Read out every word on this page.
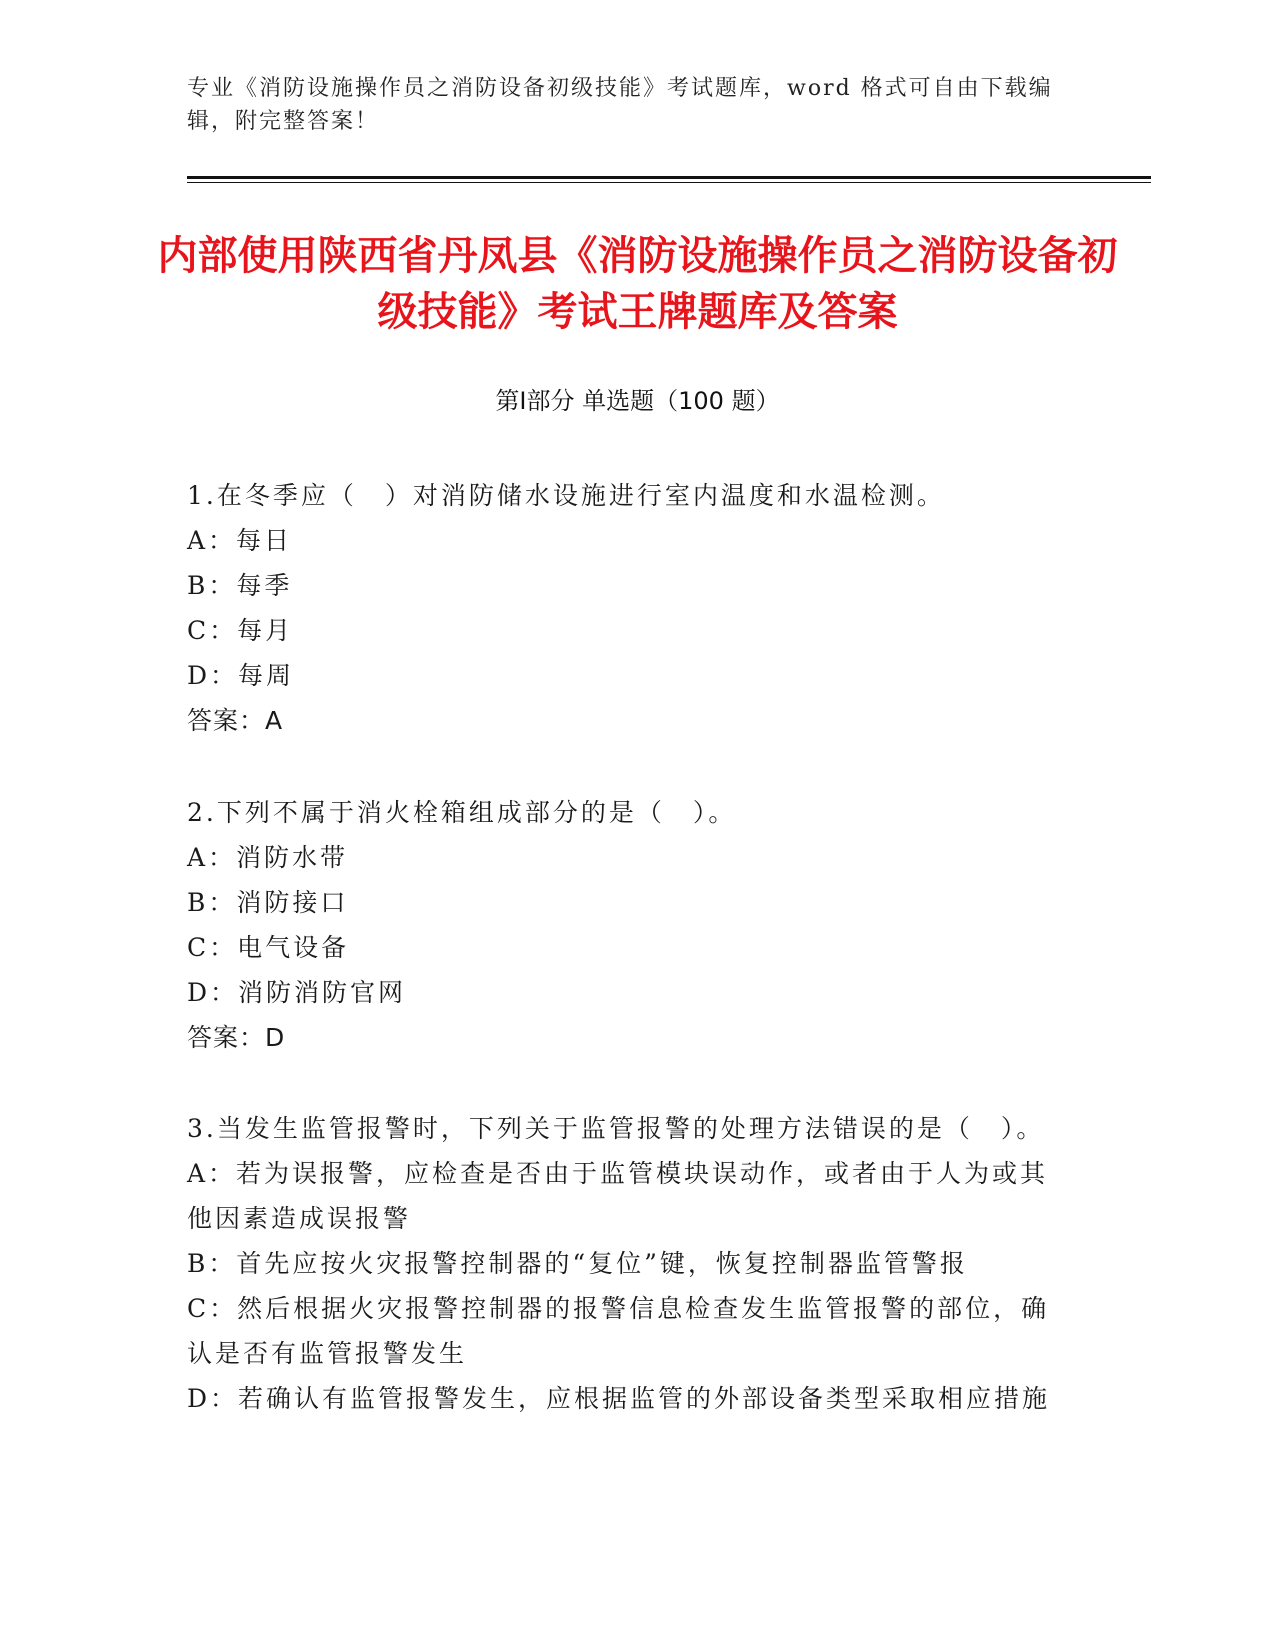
专业《消防设施操作员之消防设备初级技能》考试题库，word 格式可自由下载编辑，附完整答案！
内部使用陕西省丹凤县《消防设施操作员之消防设备初级技能》考试王牌题库及答案
第Ⅰ部分 单选题（100 题）
1.在冬季应（　）对消防储水设施进行室内温度和水温检测。
A：每日
B：每季
C：每月
D：每周
答案：A
2.下列不属于消火栓箱组成部分的是（　）。
A：消防水带
B：消防接口
C：电气设备
D：消防消防官网
答案：D
3.当发生监管报警时，下列关于监管报警的处理方法错误的是（　）。
A：若为误报警，应检查是否由于监管模块误动作，或者由于人为或其他因素造成误报警
B：首先应按火灾报警控制器的“复位”键，恢复控制器监管警报
C：然后根据火灾报警控制器的报警信息检查发生监管报警的部位，确认是否有监管报警发生
D：若确认有监管报警发生，应根据监管的外部设备类型采取相应措施
